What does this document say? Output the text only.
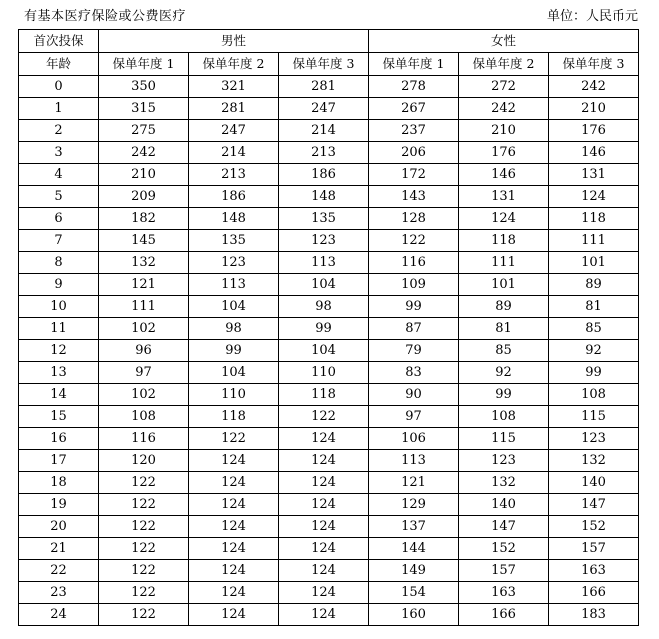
有基本医疗保险或公费医疗	单位：人民币元
首次投保	男性			女性		
年龄	保单年度 1	保单年度 2	保单年度 3	保单年度 1	保单年度 2	保单年度 3
0	350	321	281	278	272	242
1	315	281	247	267	242	210
2	275	247	214	237	210	176
3	242	214	213	206	176	146
4	210	213	186	172	146	131
5	209	186	148	143	131	124
6	182	148	135	128	124	118
7	145	135	123	122	118	111
8	132	123	113	116	111	101
9	121	113	104	109	101	89
10	111	104	98	99	89	81
11	102	98	99	87	81	85
12	96	99	104	79	85	92
13	97	104	110	83	92	99
14	102	110	118	90	99	108
15	108	118	122	97	108	115
16	116	122	124	106	115	123
17	120	124	124	113	123	132
18	122	124	124	121	132	140
19	122	124	124	129	140	147
20	122	124	124	137	147	152
21	122	124	124	144	152	157
22	122	124	124	149	157	163
23	122	124	124	154	163	166
24	122	124	124	160	166	183
